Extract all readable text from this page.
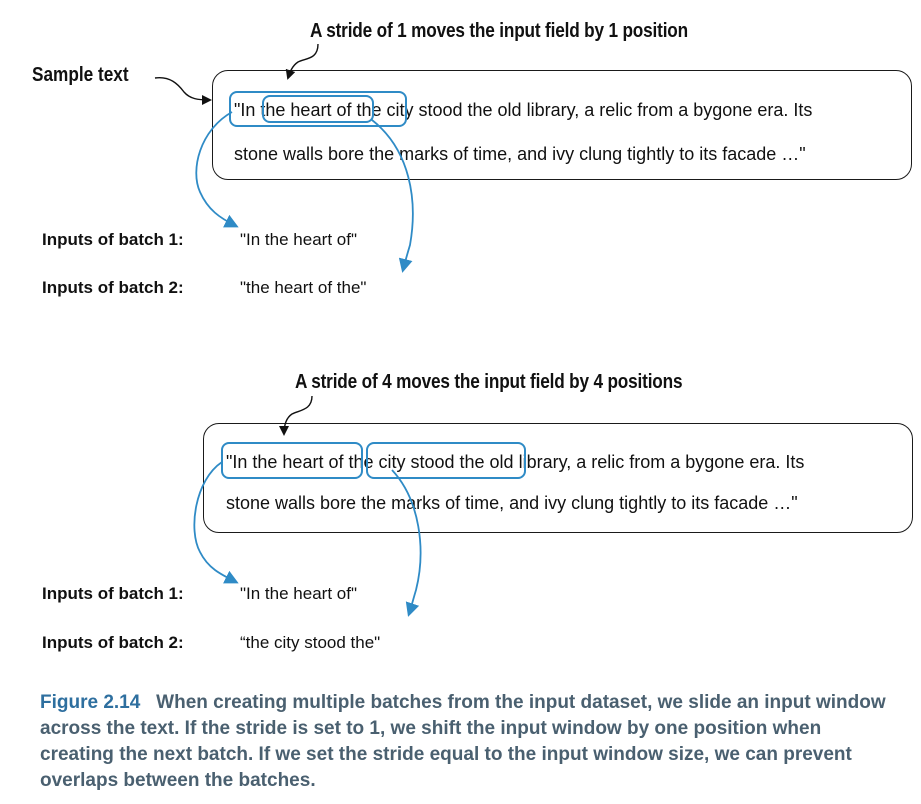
A stride of 1 moves the input field by 1 position
Sample text
"In the heart of the city stood the old library, a relic from a bygone era. Its
stone walls bore the marks of time, and ivy clung tightly to its facade …"
Inputs of batch 1:	"In the heart of"
Inputs of batch 2:	"the heart of the"
A stride of 4 moves the input field by 4 positions
"In the heart of the city stood the old library, a relic from a bygone era. Its
stone walls bore the marks of time, and ivy clung tightly to its facade …"
Inputs of batch 1:	"In the heart of"
Inputs of batch 2:	“the city stood the"
Figure 2.14 When creating multiple batches from the input dataset, we slide an input window across the text. If the stride is set to 1, we shift the input window by one position when creating the next batch. If we set the stride equal to the input window size, we can prevent overlaps between the batches.
